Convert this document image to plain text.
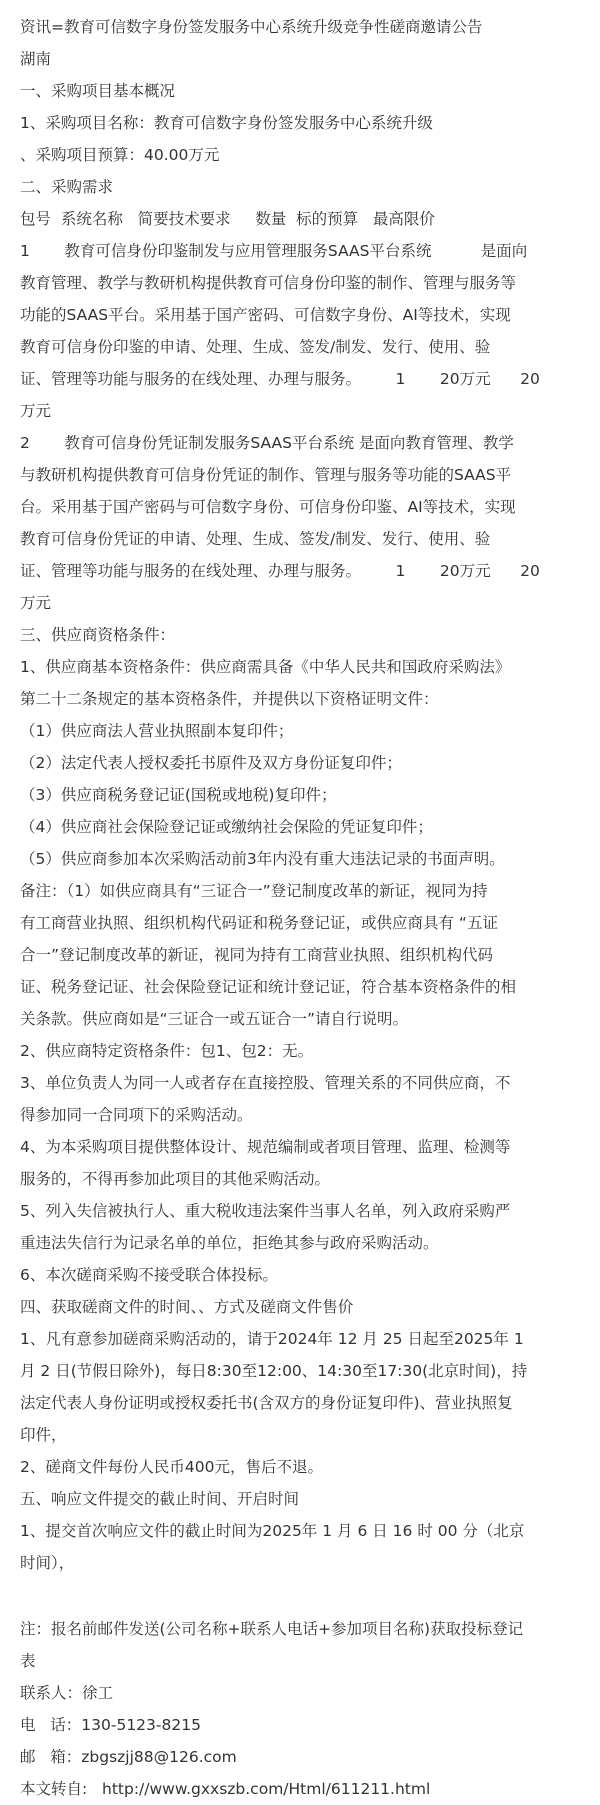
资讯=教育可信数字身份签发服务中心系统升级竞争性磋商邀请公告
湖南
一、采购项目基本概况
1、采购项目名称：教育可信数字身份签发服务中心系统升级
、采购项目预算：40.00万元
二、采购需求
包号  系统名称   简要技术要求     数量  标的预算   最高限价
1       教育可信身份印鉴制发与应用管理服务SAAS平台系统          是面向
教育管理、教学与教研机构提供教育可信身份印鉴的制作、管理与服务等
功能的SAAS平台。采用基于国产密码、可信数字身份、AI等技术，实现
教育可信身份印鉴的申请、处理、生成、签发/制发、发行、使用、验
证、管理等功能与服务的在线处理、办理与服务。       1       20万元      20
万元
2       教育可信身份凭证制发服务SAAS平台系统 是面向教育管理、教学
与教研机构提供教育可信身份凭证的制作、管理与服务等功能的SAAS平
台。采用基于国产密码与可信数字身份、可信身份印鉴、AI等技术，实现
教育可信身份凭证的申请、处理、生成、签发/制发、发行、使用、验
证、管理等功能与服务的在线处理、办理与服务。       1       20万元      20
万元
三、供应商资格条件：
1、供应商基本资格条件：供应商需具备《中华人民共和国政府采购法》
第二十二条规定的基本资格条件，并提供以下资格证明文件：
（1）供应商法人营业执照副本复印件；
（2）法定代表人授权委托书原件及双方身份证复印件；
（3）供应商税务登记证(国税或地税)复印件；
（4）供应商社会保险登记证或缴纳社会保险的凭证复印件；
（5）供应商参加本次采购活动前3年内没有重大违法记录的书面声明。
备注：（1）如供应商具有“三证合一”登记制度改革的新证，视同为持
有工商营业执照、组织机构代码证和税务登记证，或供应商具有 “五证
合一”登记制度改革的新证，视同为持有工商营业执照、组织机构代码
证、税务登记证、社会保险登记证和统计登记证，符合基本资格条件的相
关条款。供应商如是“三证合一或五证合一”请自行说明。
2、供应商特定资格条件：包1、包2：无。
3、单位负责人为同一人或者存在直接控股、管理关系的不同供应商，不
得参加同一合同项下的采购活动。
4、为本采购项目提供整体设计、规范编制或者项目管理、监理、检测等
服务的，不得再参加此项目的其他采购活动。
5、列入失信被执行人、重大税收违法案件当事人名单，列入政府采购严
重违法失信行为记录名单的单位，拒绝其参与政府采购活动。
6、本次磋商采购不接受联合体投标。
四、获取磋商文件的时间、、方式及磋商文件售价
1、凡有意参加磋商采购活动的，请于2024年 12 月 25 日起至2025年 1
月 2 日(节假日除外)，每日8:30至12:00、14:30至17:30(北京时间)，持
法定代表人身份证明或授权委托书(含双方的身份证复印件)、营业执照复
印件，
2、磋商文件每份人民币400元，售后不退。
五、响应文件提交的截止时间、开启时间
1、提交首次响应文件的截止时间为2025年 1 月 6 日 16 时 00 分（北京
时间），
注：报名前邮件发送(公司名称+联系人电话+参加项目名称)获取投标登记
表
联系人：徐工
电   话：130-5123-8215
邮   箱：zbgszjj88@126.com
本文转自:   http://www.gxxszb.com/Html/611211.html
